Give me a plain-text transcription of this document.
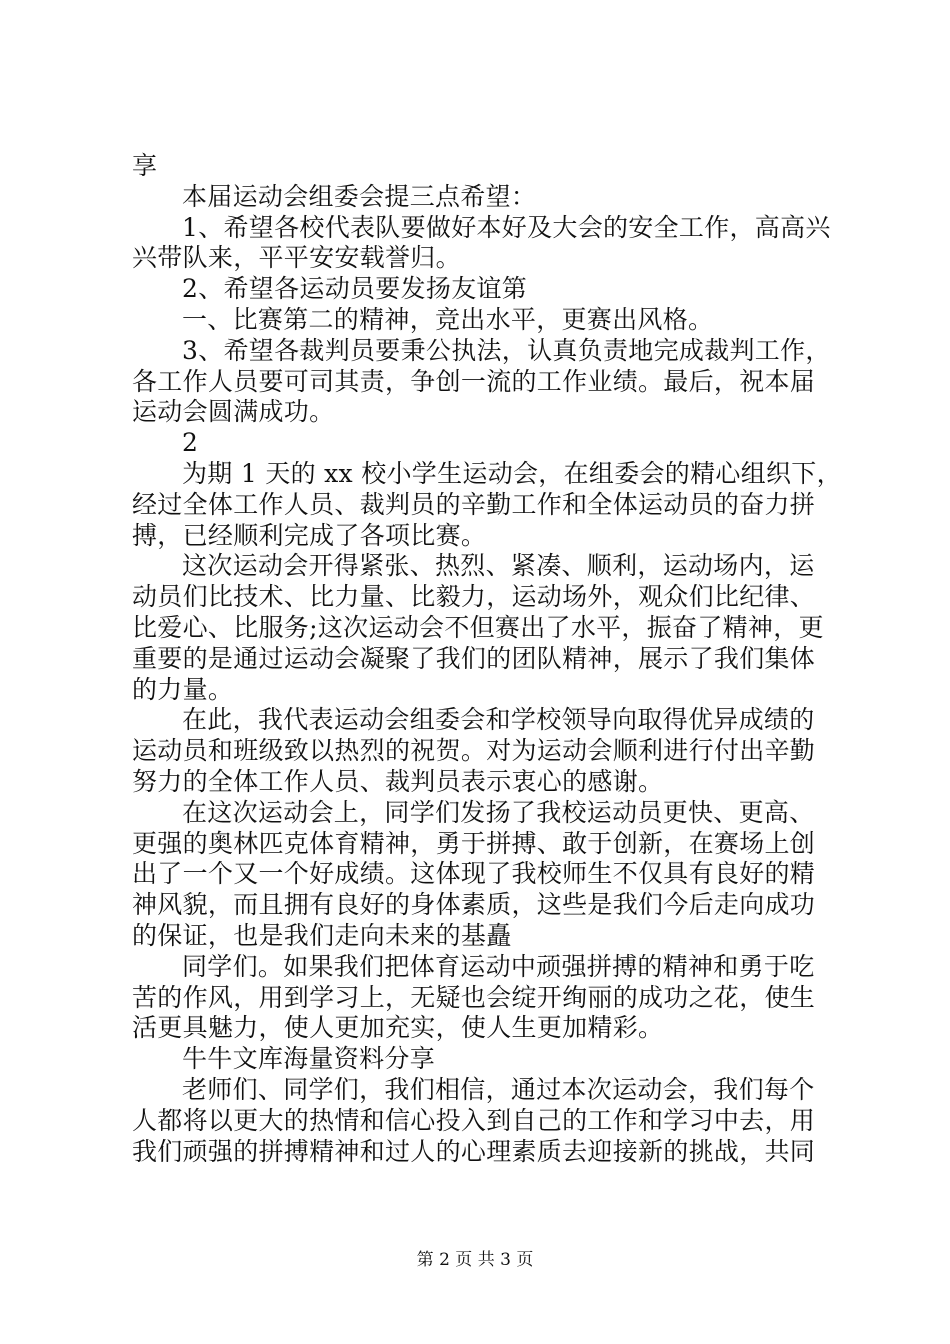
享
本届运动会组委会提三点希望：
1、希望各校代表队要做好本好及大会的安全工作，高高兴
兴带队来，平平安安载誉归。
2、希望各运动员要发扬友谊第
一、比赛第二的精神，竞出水平，更赛出风格。
3、希望各裁判员要秉公执法，认真负责地完成裁判工作，
各工作人员要可司其责，争创一流的工作业绩。最后，祝本届
运动会圆满成功。
2
为期 1 天的 xx 校小学生运动会，在组委会的精心组织下，
经过全体工作人员、裁判员的辛勤工作和全体运动员的奋力拼
搏，已经顺利完成了各项比赛。
这次运动会开得紧张、热烈、紧凑、顺利，运动场内，运
动员们比技术、比力量、比毅力，运动场外，观众们比纪律、
比爱心、比服务;这次运动会不但赛出了水平，振奋了精神，更
重要的是通过运动会凝聚了我们的团队精神，展示了我们集体
的力量。
在此，我代表运动会组委会和学校领导向取得优异成绩的
运动员和班级致以热烈的祝贺。对为运动会顺利进行付出辛勤
努力的全体工作人员、裁判员表示衷心的感谢。
在这次运动会上，同学们发扬了我校运动员更快、更高、
更强的奥林匹克体育精神，勇于拼搏、敢于创新，在赛场上创
出了一个又一个好成绩。这体现了我校师生不仅具有良好的精
神风貌，而且拥有良好的身体素质，这些是我们今后走向成功
的保证，也是我们走向未来的基矗
同学们。如果我们把体育运动中顽强拼搏的精神和勇于吃
苦的作风，用到学习上，无疑也会绽开绚丽的成功之花，使生
活更具魅力，使人更加充实，使人生更加精彩。
牛牛文库海量资料分享
老师们、同学们，我们相信，通过本次运动会，我们每个
人都将以更大的热情和信心投入到自己的工作和学习中去，用
我们顽强的拼搏精神和过人的心理素质去迎接新的挑战，共同
第 2 页 共 3 页
